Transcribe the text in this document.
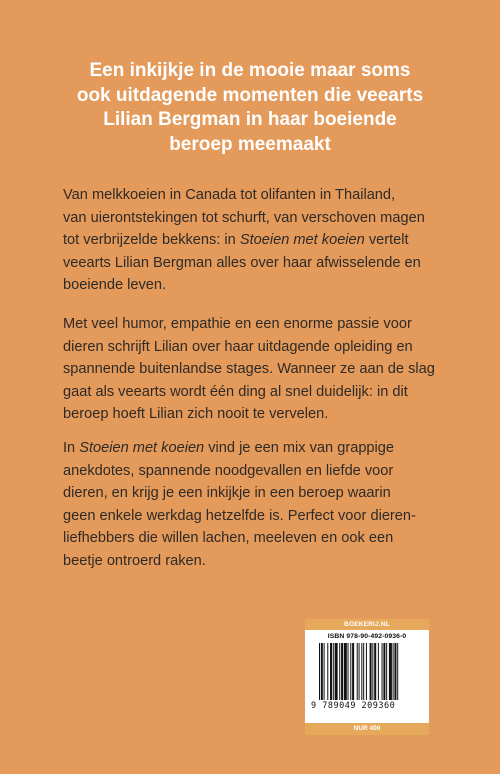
Een inkijkje in de mooie maar soms
ook uitdagende momenten die veearts
Lilian Bergman in haar boeiende
beroep meemaakt

Van melkkoeien in Canada tot olifanten in Thailand,
van uierontstekingen tot schurft, van verschoven magen
tot verbrijzelde bekkens: in Stoeien met koeien vertelt
veearts Lilian Bergman alles over haar afwisselende en
boeiende leven.

Met veel humor, empathie en een enorme passie voor
dieren schrijft Lilian over haar uitdagende opleiding en
spannende buitenlandse stages. Wanneer ze aan de slag
gaat als veearts wordt één ding al snel duidelijk: in dit
beroep hoeft Lilian zich nooit te vervelen.

In Stoeien met koeien vind je een mix van grappige
anekdotes, spannende noodgevallen en liefde voor
dieren, en krijg je een inkijkje in een beroep waarin
geen enkele werkdag hetzelfde is. Perfect voor dieren-
liefhebbers die willen lachen, meeleven en ook een
beetje ontroerd raken.

BOEKERIJ.NL
ISBN 978-90-492-0936-0
9 789049 209360
NUR 400
